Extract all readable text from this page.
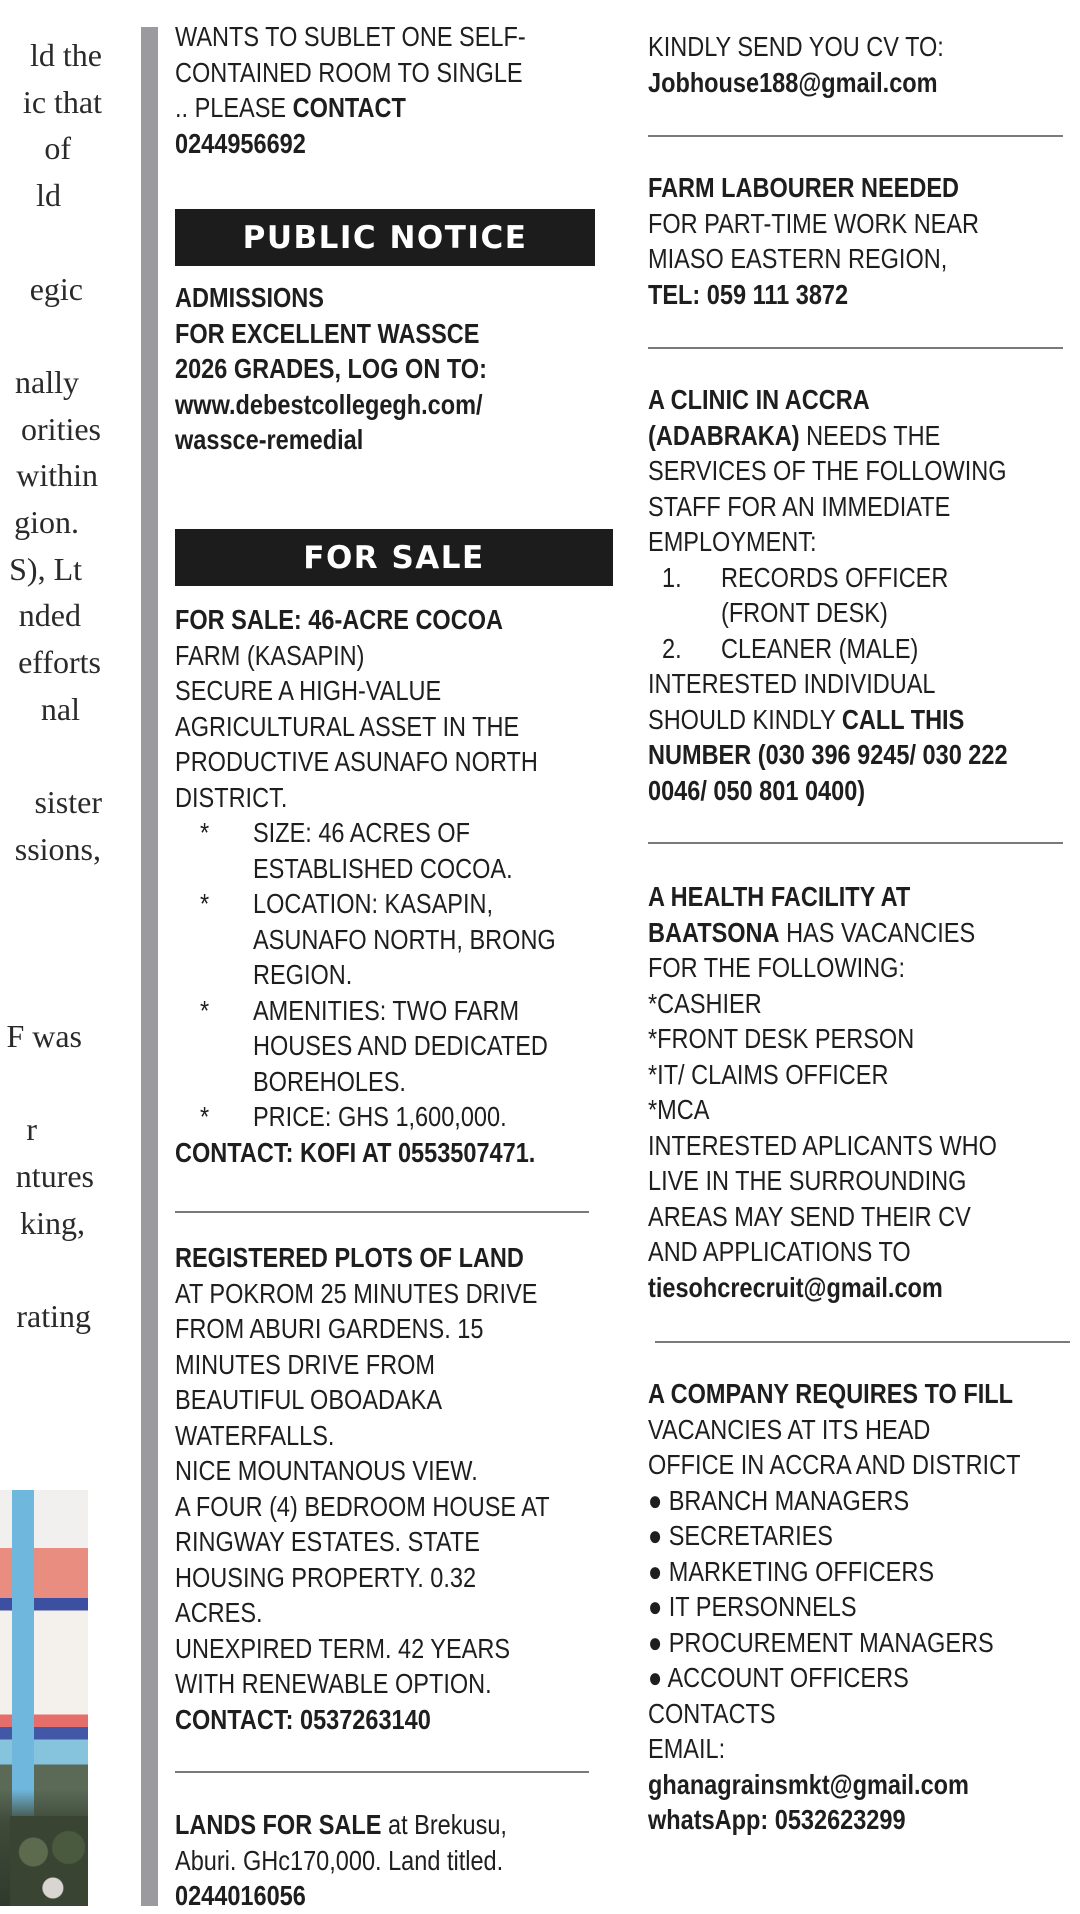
ld the
ic that
of
ld
egic
nally
orities
within
gion.
S), Lt
nded
efforts
nal
sister
ssions,
F was
r
ntures
king,
rating
WANTS TO SUBLET ONE SELF-
CONTAINED ROOM TO SINGLE
.. PLEASE CONTACT
0244956692
PUBLIC NOTICE
ADMISSIONS
FOR EXCELLENT WASSCE
2026 GRADES, LOG ON TO:
www.debestcollegegh.com/
wassce-remedial
FOR SALE
FOR SALE: 46-ACRE COCOA
FARM (KASAPIN)
SECURE A HIGH-VALUE
AGRICULTURAL ASSET IN THE
PRODUCTIVE ASUNAFO NORTH
DISTRICT.
* SIZE: 46 ACRES OF
ESTABLISHED COCOA.
* LOCATION: KASAPIN,
ASUNAFO NORTH, BRONG
REGION.
* AMENITIES: TWO FARM
HOUSES AND DEDICATED
BOREHOLES.
* PRICE: GHS 1,600,000.
CONTACT: KOFI AT 0553507471.
REGISTERED PLOTS OF LAND
AT POKROM 25 MINUTES DRIVE
FROM ABURI GARDENS. 15
MINUTES DRIVE FROM
BEAUTIFUL OBOADAKA
WATERFALLS.
NICE MOUNTANOUS VIEW.
A FOUR (4) BEDROOM HOUSE AT
RINGWAY ESTATES. STATE
HOUSING PROPERTY. 0.32
ACRES.
UNEXPIRED TERM. 42 YEARS
WITH RENEWABLE OPTION.
CONTACT: 0537263140
LANDS FOR SALE at Brekusu,
Aburi. GHc170,000. Land titled.
0244016056
KINDLY SEND YOU CV TO:
Jobhouse188@gmail.com
FARM LABOURER NEEDED
FOR PART-TIME WORK NEAR
MIASO EASTERN REGION,
TEL: 059 111 3872
A CLINIC IN ACCRA
(ADABRAKA) NEEDS THE
SERVICES OF THE FOLLOWING
STAFF FOR AN IMMEDIATE
EMPLOYMENT:
1. RECORDS OFFICER
(FRONT DESK)
2. CLEANER (MALE)
INTERESTED INDIVIDUAL
SHOULD KINDLY CALL THIS
NUMBER (030 396 9245/ 030 222
0046/ 050 801 0400)
A HEALTH FACILITY AT
BAATSONA HAS VACANCIES
FOR THE FOLLOWING:
*CASHIER
*FRONT DESK PERSON
*IT/ CLAIMS OFFICER
*MCA
INTERESTED APLICANTS WHO
LIVE IN THE SURROUNDING
AREAS MAY SEND THEIR CV
AND APPLICATIONS TO
tiesohcrecruit@gmail.com
A COMPANY REQUIRES TO FILL
VACANCIES AT ITS HEAD
OFFICE IN ACCRA AND DISTRICT
● BRANCH MANAGERS
● SECRETARIES
● MARKETING OFFICERS
● IT PERSONNELS
● PROCUREMENT MANAGERS
● ACCOUNT OFFICERS
CONTACTS
EMAIL:
ghanagrainsmkt@gmail.com
whatsApp: 0532623299
